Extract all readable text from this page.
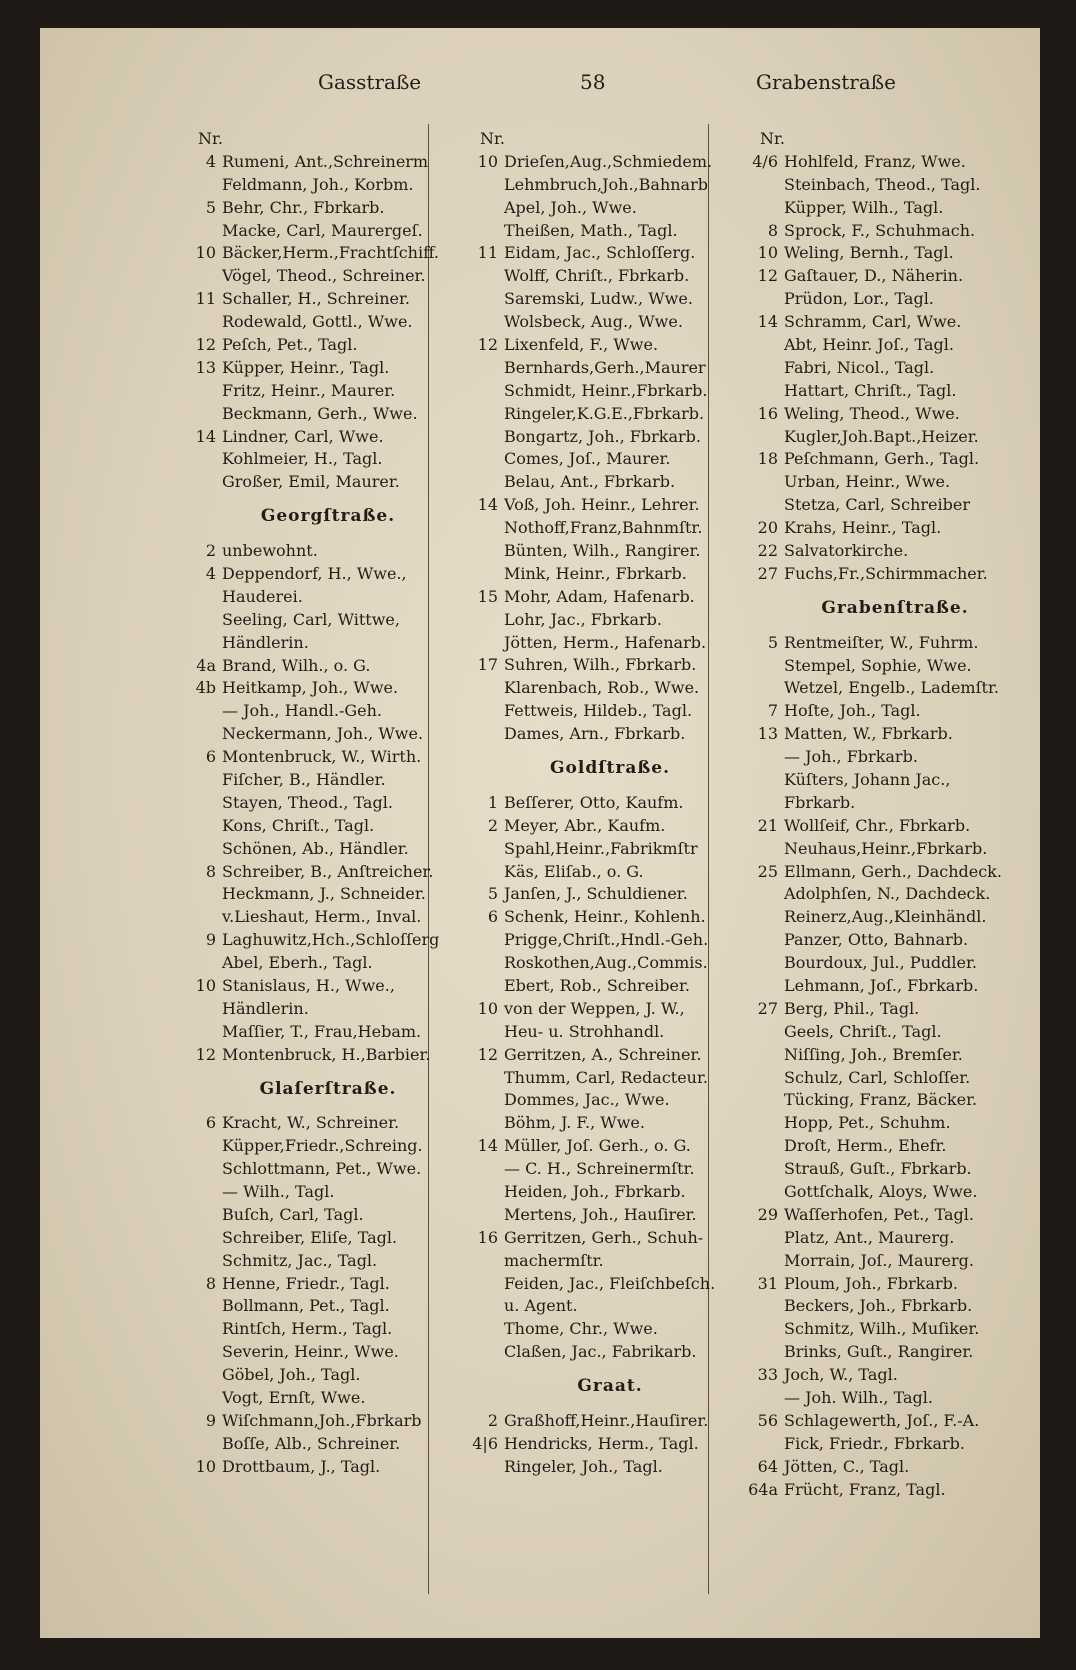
Gasstraße	58	Grabenstraße
Nr.
4 Rumeni, Ant.,Schreinerm
Feldmann, Joh., Korbm.
5 Behr, Chr., Fbrkarb.
Macke, Carl, Maurergeſ.
10 Bäcker,Herm.,Frachtſchiff.
Vögel, Theod., Schreiner.
11 Schaller, H., Schreiner.
Rodewald, Gottl., Wwe.
12 Peſch, Pet., Tagl.
13 Küpper, Heinr., Tagl.
Fritz, Heinr., Maurer.
Beckmann, Gerh., Wwe.
14 Lindner, Carl, Wwe.
Kohlmeier, H., Tagl.
Großer, Emil, Maurer.
Georgſtraße.
2 unbewohnt.
4 Deppendorf, H., Wwe.,
Hauderei.
Seeling, Carl, Wittwe,
Händlerin.
4a Brand, Wilh., o. G.
4b Heitkamp, Joh., Wwe.
— Joh., Handl.-Geh.
Neckermann, Joh., Wwe.
6 Montenbruck, W., Wirth.
Fiſcher, B., Händler.
Stayen, Theod., Tagl.
Kons, Chriſt., Tagl.
Schönen, Ab., Händler.
8 Schreiber, B., Anſtreicher.
Heckmann, J., Schneider.
v.Lieshaut, Herm., Inval.
9 Laghuwitz,Hch.,Schloſſerg
Abel, Eberh., Tagl.
10 Stanislaus, H., Wwe.,
Händlerin.
Maſſier, T., Frau,Hebam.
12 Montenbruck, H.,Barbier.
Glaſerſtraße.
6 Kracht, W., Schreiner.
Küpper,Friedr.,Schreing.
Schlottmann, Pet., Wwe.
— Wilh., Tagl.
Buſch, Carl, Tagl.
Schreiber, Eliſe, Tagl.
Schmitz, Jac., Tagl.
8 Henne, Friedr., Tagl.
Bollmann, Pet., Tagl.
Rintſch, Herm., Tagl.
Severin, Heinr., Wwe.
Göbel, Joh., Tagl.
Vogt, Ernſt, Wwe.
9 Wiſchmann,Joh.,Fbrkarb
Boſſe, Alb., Schreiner.
10 Drottbaum, J., Tagl.
Nr.
10 Drieſen,Aug.,Schmiedem.
Lehmbruch,Joh.,Bahnarb
Apel, Joh., Wwe.
Theißen, Math., Tagl.
11 Eidam, Jac., Schloſſerg.
Wolff, Chriſt., Fbrkarb.
Saremski, Ludw., Wwe.
Wolsbeck, Aug., Wwe.
12 Lixenfeld, F., Wwe.
Bernhards,Gerh.,Maurer
Schmidt, Heinr.,Fbrkarb.
Ringeler,K.G.E.,Fbrkarb.
Bongartz, Joh., Fbrkarb.
Comes, Joſ., Maurer.
Belau, Ant., Fbrkarb.
14 Voß, Joh. Heinr., Lehrer.
Nothoff,Franz,Bahnmſtr.
Bünten, Wilh., Rangirer.
Mink, Heinr., Fbrkarb.
15 Mohr, Adam, Hafenarb.
Lohr, Jac., Fbrkarb.
Jötten, Herm., Hafenarb.
17 Suhren, Wilh., Fbrkarb.
Klarenbach, Rob., Wwe.
Fettweis, Hildeb., Tagl.
Dames, Arn., Fbrkarb.
Goldſtraße.
1 Beſſerer, Otto, Kaufm.
2 Meyer, Abr., Kaufm.
Spahl,Heinr.,Fabrikmſtr
Käs, Eliſab., o. G.
5 Janſen, J., Schuldiener.
6 Schenk, Heinr., Kohlenh.
Prigge,Chriſt.,Hndl.-Geh.
Roskothen,Aug.,Commis.
Ebert, Rob., Schreiber.
10 von der Weppen, J. W.,
Heu- u. Strohhandl.
12 Gerritzen, A., Schreiner.
Thumm, Carl, Redacteur.
Dommes, Jac., Wwe.
Böhm, J. F., Wwe.
14 Müller, Joſ. Gerh., o. G.
— C. H., Schreinermſtr.
Heiden, Joh., Fbrkarb.
Mertens, Joh., Hauſirer.
16 Gerritzen, Gerh., Schuh-
machermſtr.
Feiden, Jac., Fleiſchbeſch.
u. Agent.
Thome, Chr., Wwe.
Claßen, Jac., Fabrikarb.
Graat.
2 Graßhoff,Heinr.,Hauſirer.
4|6 Hendricks, Herm., Tagl.
Ringeler, Joh., Tagl.
Nr.
4/6 Hohlfeld, Franz, Wwe.
Steinbach, Theod., Tagl.
Küpper, Wilh., Tagl.
8 Sprock, F., Schuhmach.
10 Weling, Bernh., Tagl.
12 Gaſtauer, D., Näherin.
Prüdon, Lor., Tagl.
14 Schramm, Carl, Wwe.
Abt, Heinr. Joſ., Tagl.
Fabri, Nicol., Tagl.
Hattart, Chriſt., Tagl.
16 Weling, Theod., Wwe.
Kugler,Joh.Bapt.,Heizer.
18 Peſchmann, Gerh., Tagl.
Urban, Heinr., Wwe.
Stetza, Carl, Schreiber
20 Krahs, Heinr., Tagl.
22 Salvatorkirche.
27 Fuchs,Fr.,Schirmmacher.
Grabenſtraße.
5 Rentmeiſter, W., Fuhrm.
Stempel, Sophie, Wwe.
Wetzel, Engelb., Lademſtr.
7 Hoſte, Joh., Tagl.
13 Matten, W., Fbrkarb.
— Joh., Fbrkarb.
Küſters, Johann Jac.,
Fbrkarb.
21 Wollſeif, Chr., Fbrkarb.
Neuhaus,Heinr.,Fbrkarb.
25 Ellmann, Gerh., Dachdeck.
Adolphſen, N., Dachdeck.
Reinerz,Aug.,Kleinhändl.
Panzer, Otto, Bahnarb.
Bourdoux, Jul., Puddler.
Lehmann, Joſ., Fbrkarb.
27 Berg, Phil., Tagl.
Geels, Chriſt., Tagl.
Niſſing, Joh., Bremſer.
Schulz, Carl, Schloſſer.
Tücking, Franz, Bäcker.
Hopp, Pet., Schuhm.
Droſt, Herm., Ehefr.
Strauß, Guſt., Fbrkarb.
Gottſchalk, Aloys, Wwe.
29 Waſſerhofen, Pet., Tagl.
Platz, Ant., Maurerg.
Morrain, Joſ., Maurerg.
31 Ploum, Joh., Fbrkarb.
Beckers, Joh., Fbrkarb.
Schmitz, Wilh., Muſiker.
Brinks, Guſt., Rangirer.
33 Joch, W., Tagl.
— Joh. Wilh., Tagl.
56 Schlagewerth, Joſ., F.-A.
Fick, Friedr., Fbrkarb.
64 Jötten, C., Tagl.
64a Frücht, Franz, Tagl.
